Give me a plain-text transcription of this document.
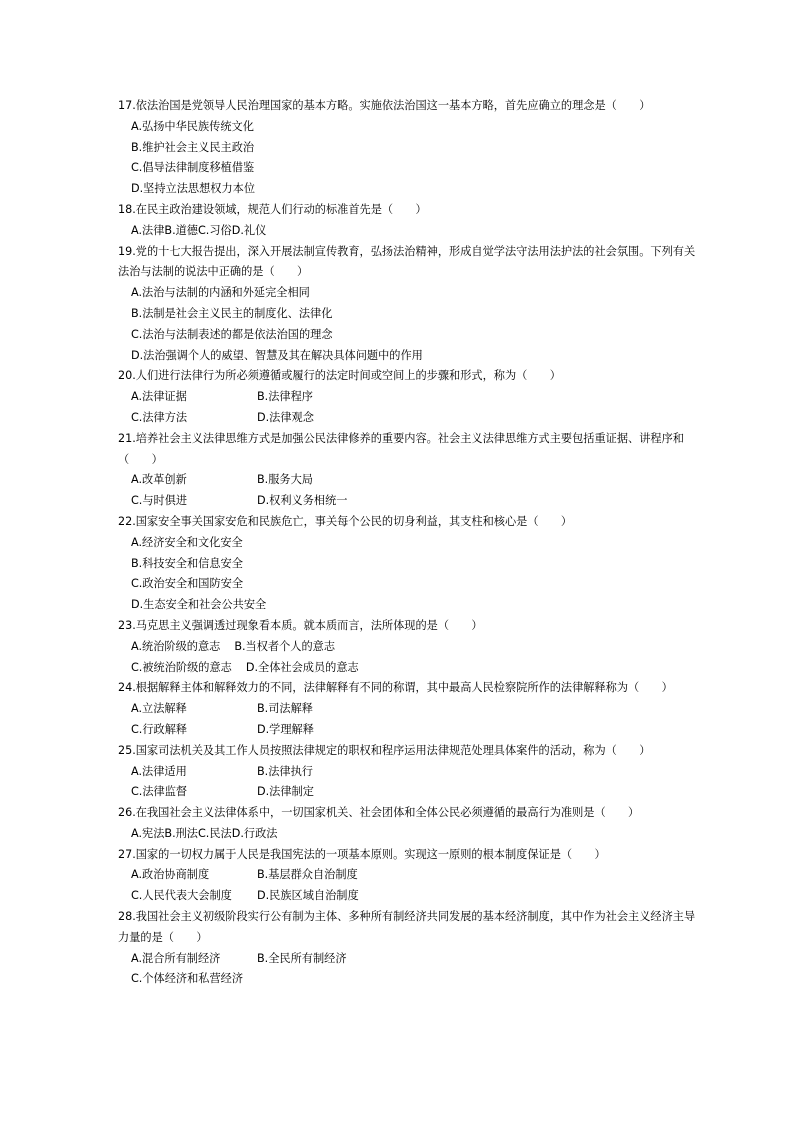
17.依法治国是党领导人民治理国家的基本方略。实施依法治国这一基本方略，首先应确立的理念是（　　）
A.弘扬中华民族传统文化
B.维护社会主义民主政治
C.倡导法律制度移植借鉴
D.坚持立法思想权力本位
18.在民主政治建设领域，规范人们行动的标准首先是（　　）
A.法律B.道德C.习俗D.礼仪
19.党的十七大报告提出，深入开展法制宣传教育，弘扬法治精神，形成自觉学法守法用法护法的社会氛围。下列有关法治与法制的说法中正确的是（　　）
A.法治与法制的内涵和外延完全相同
B.法制是社会主义民主的制度化、法律化
C.法治与法制表述的都是依法治国的理念
D.法治强调个人的威望、智慧及其在解决具体问题中的作用
20.人们进行法律行为所必须遵循或履行的法定时间或空间上的步骤和形式，称为（　　）
A.法律证据	B.法律程序
C.法律方法	D.法律观念
21.培养社会主义法律思维方式是加强公民法律修养的重要内容。社会主义法律思维方式主要包括重证据、讲程序和（　　）
A.改革创新	B.服务大局
C.与时俱进	D.权利义务相统一
22.国家安全事关国家安危和民族危亡，事关每个公民的切身利益，其支柱和核心是（　　）
A.经济安全和文化安全
B.科技安全和信息安全
C.政治安全和国防安全
D.生态安全和社会公共安全
23.马克思主义强调透过现象看本质。就本质而言，法所体现的是（　　）
A.统治阶级的意志 B.当权者个人的意志
C.被统治阶级的意志 D.全体社会成员的意志
24.根据解释主体和解释效力的不同，法律解释有不同的称谓，其中最高人民检察院所作的法律解释称为（　　）
A.立法解释	B.司法解释
C.行政解释	D.学理解释
25.国家司法机关及其工作人员按照法律规定的职权和程序运用法律规范处理具体案件的活动，称为（　　）
A.法律适用	B.法律执行
C.法律监督	D.法律制定
26.在我国社会主义法律体系中，一切国家机关、社会团体和全体公民必须遵循的最高行为准则是（　　）
A.宪法B.刑法C.民法D.行政法
27.国家的一切权力属于人民是我国宪法的一项基本原则。实现这一原则的根本制度保证是（　　）
A.政治协商制度	B.基层群众自治制度
C.人民代表大会制度 D.民族区域自治制度
28.我国社会主义初级阶段实行公有制为主体、多种所有制经济共同发展的基本经济制度，其中作为社会主义经济主导力量的是（　　）
A.混合所有制经济	B.全民所有制经济
C.个体经济和私营经济
